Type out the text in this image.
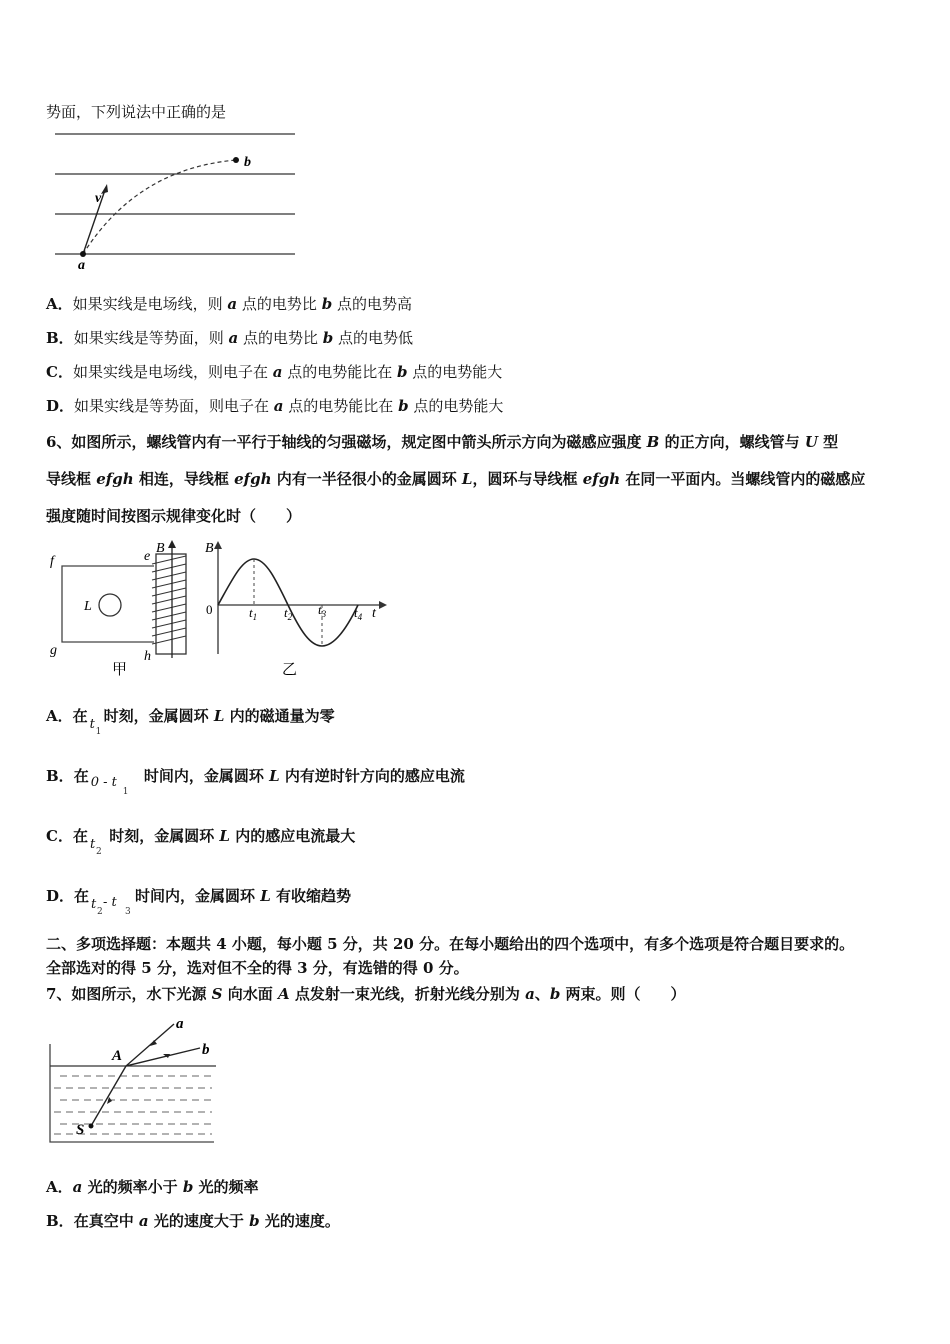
势面，下列说法中正确的是
v
a
b
A．如果实线是电场线，则 a 点的电势比 b 点的电势高
B．如果实线是等势面，则 a 点的电势比 b 点的电势低
C．如果实线是电场线，则电子在 a 点的电势能比在 b 点的电势能大
D．如果实线是等势面，则电子在 a 点的电势能比在 b 点的电势能大
6、如图所示，螺线管内有一平行于轴线的匀强磁场，规定图中箭头所示方向为磁感应强度 B 的正方向，螺线管与 U 型
导线框 efgh 相连，导线框 efgh 内有一半径很小的金属圆环 L，圆环与导线框 efgh 在同一平面内。当螺线管内的磁感应
强度随时间按图示规律变化时（　　）
f	e
B
L
g	h
甲
B
0	$t_1$ $t_2$ $t_3$ $t_4$ t
乙
A．在 t 1
时刻，金属圆环 L 内的磁通量为零
B．在 0 - t
1
时间内，金属圆环 L 内有逆时针方向的感应电流
C．在 t 2
时刻，金属圆环 L 内的感应电流最大
D．在 t 2
- t
3
时间内，金属圆环 L 有收缩趋势
二、多项选择题：本题共 4 小题，每小题 5 分，共 20 分。在每小题给出的四个选项中，有多个选项是符合题目要求的。
全部选对的得 5 分，选对但不全的得 3 分，有选错的得 0 分。
7、如图所示，水下光源 S 向水面 A 点发射一束光线，折射光线分别为 a、b 两束。则（　　）
a
A	b
S
A．a 光的频率小于 b 光的频率
B．在真空中 a 光的速度大于 b 光的速度。
